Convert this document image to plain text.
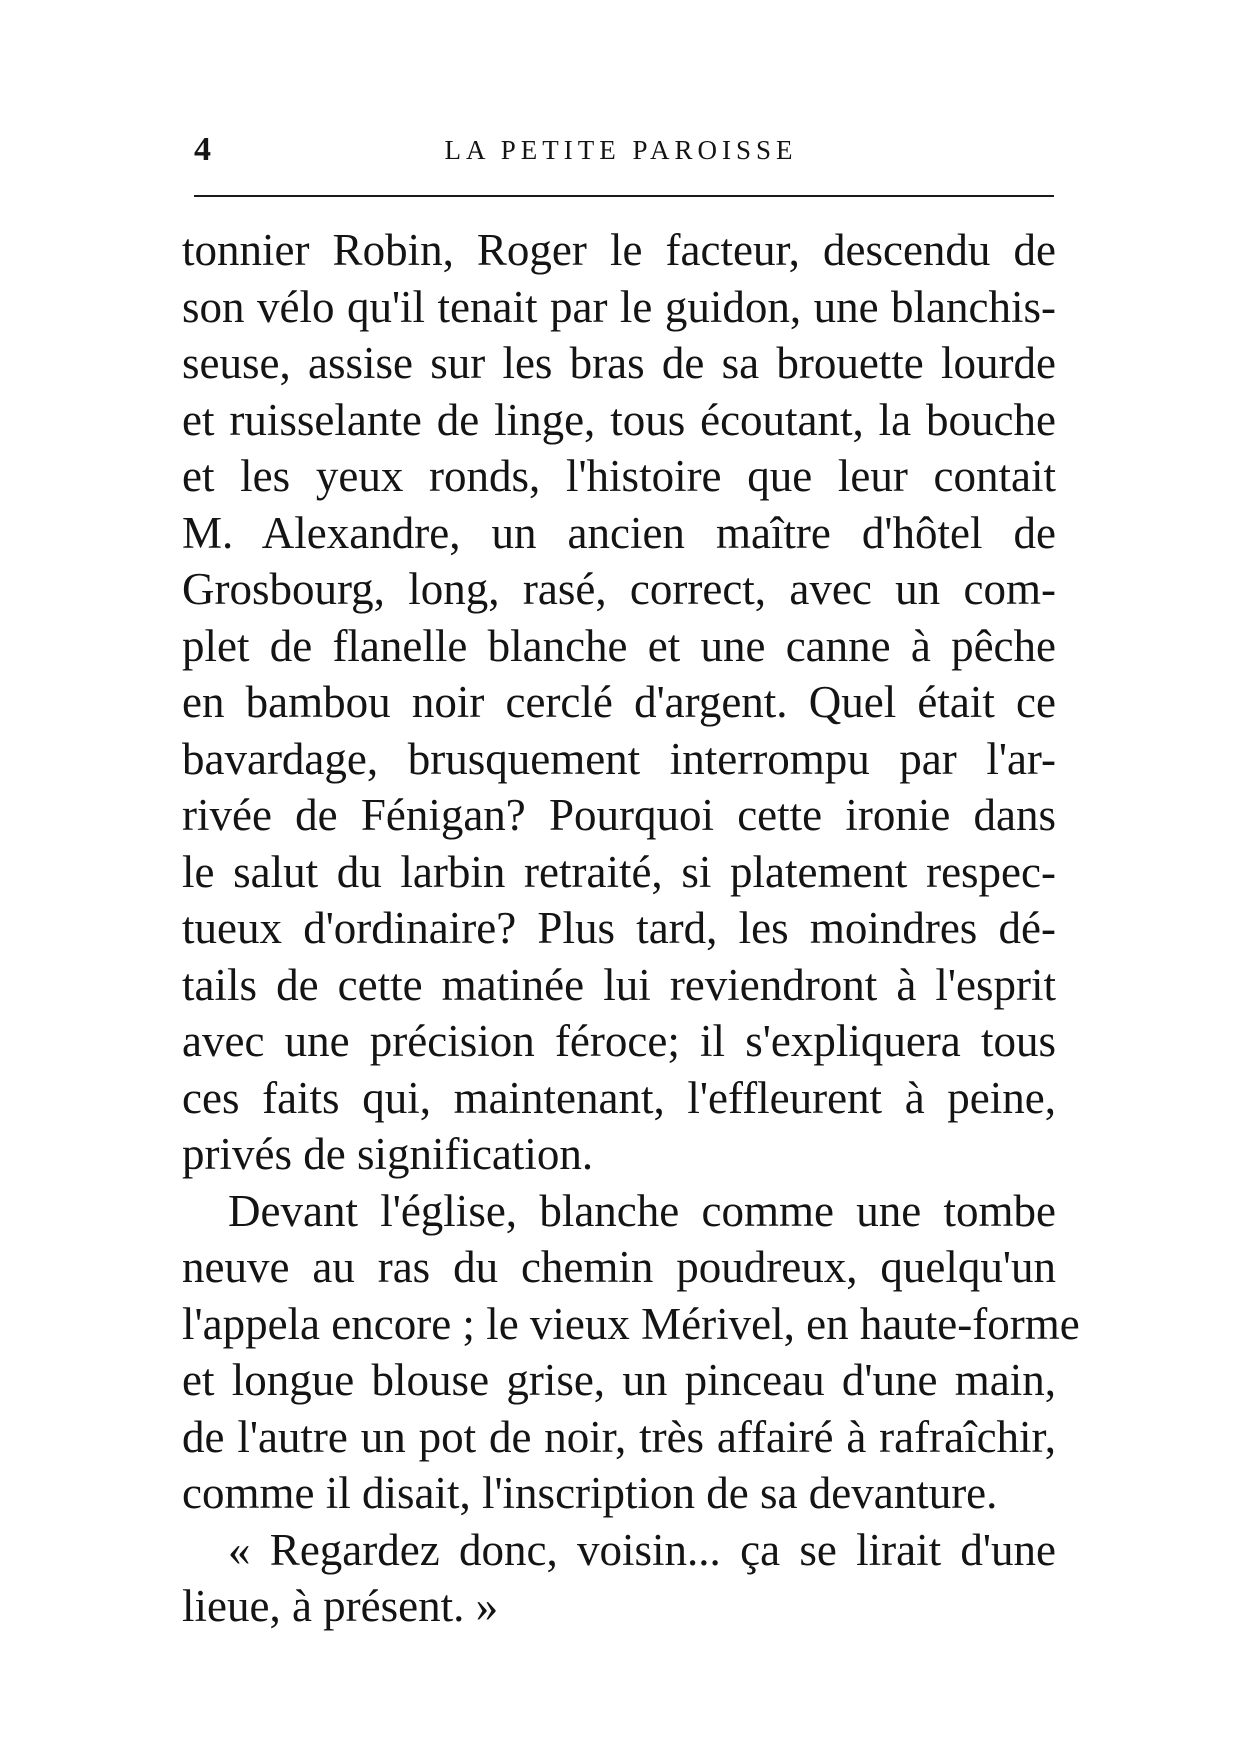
4	LA PETITE PAROISSE
tonnier Robin, Roger le facteur, descendu de
son vélo qu'il tenait par le guidon, une blanchis-
seuse, assise sur les bras de sa brouette lourde
et ruisselante de linge, tous écoutant, la bouche
et les yeux ronds, l'histoire que leur contait
M. Alexandre, un ancien maître d'hôtel de
Grosbourg, long, rasé, correct, avec un com-
plet de flanelle blanche et une canne à pêche
en bambou noir cerclé d'argent. Quel était ce
bavardage, brusquement interrompu par l'ar-
rivée de Fénigan? Pourquoi cette ironie dans
le salut du larbin retraité, si platement respec-
tueux d'ordinaire? Plus tard, les moindres dé-
tails de cette matinée lui reviendront à l'esprit
avec une précision féroce; il s'expliquera tous
ces faits qui, maintenant, l'effleurent à peine,
privés de signification.
Devant l'église, blanche comme une tombe
neuve au ras du chemin poudreux, quelqu'un
l'appela encore ; le vieux Mérivel, en haute-forme
et longue blouse grise, un pinceau d'une main,
de l'autre un pot de noir, très affairé à rafraîchir,
comme il disait, l'inscription de sa devanture.
« Regardez donc, voisin... ça se lirait d'une
lieue, à présent. »
